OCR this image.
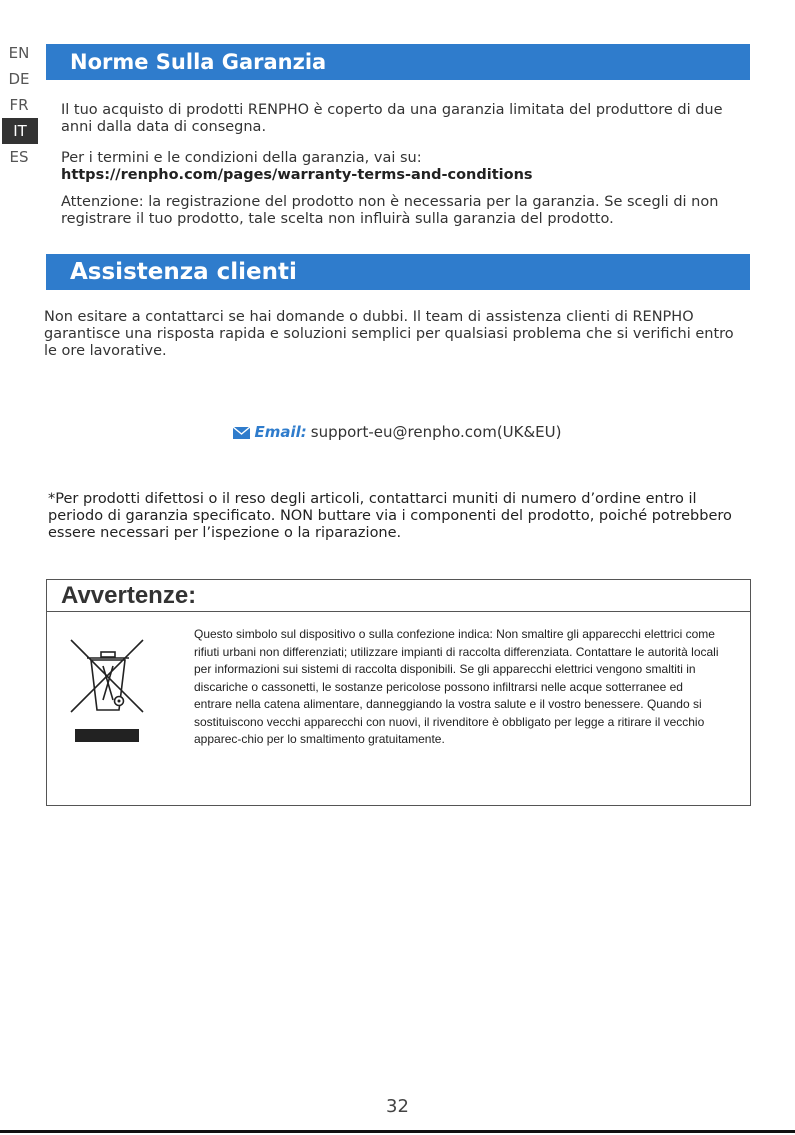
EN
DE
FR
IT
ES
Norme Sulla Garanzia

Il tuo acquisto di prodotti RENPHO è coperto da una garanzia limitata del produttore di due anni dalla data di consegna.

Per i termini e le condizioni della garanzia, vai su:
https://renpho.com/pages/warranty-terms-and-conditions

Attenzione: la registrazione del prodotto non è necessaria per la garanzia. Se scegli di non registrare il tuo prodotto, tale scelta non influirà sulla garanzia del prodotto.

Assistenza clienti

Non esitare a contattarci se hai domande o dubbi. Il team di assistenza clienti di RENPHO garantisce una risposta rapida e soluzioni semplici per qualsiasi problema che si verifichi entro le ore lavorative.

Email: support-eu@renpho.com(UK&EU)

*Per prodotti difettosi o il reso degli articoli, contattarci muniti di numero d’ordine entro il periodo di garanzia specificato. NON buttare via i componenti del prodotto, poiché potrebbero essere necessari per l’ispezione o la riparazione.

Avvertenze:

Questo simbolo sul dispositivo o sulla confezione indica: Non smaltire gli apparecchi elettrici come rifiuti urbani non differenziati; utilizzare impianti di raccolta differenziata. Contattare le autorità locali per informazioni sui sistemi di raccolta disponibili. Se gli apparecchi elettrici vengono smaltiti in discariche o cassonetti, le sostanze pericolose possono infiltrarsi nelle acque sotterranee ed entrare nella catena alimentare, danneggiando la vostra salute e il vostro benessere. Quando si sostituiscono vecchi apparecchi con nuovi, il rivenditore è obbligato per legge a ritirare il vecchio apparec-chio per lo smaltimento gratuitamente.

32
